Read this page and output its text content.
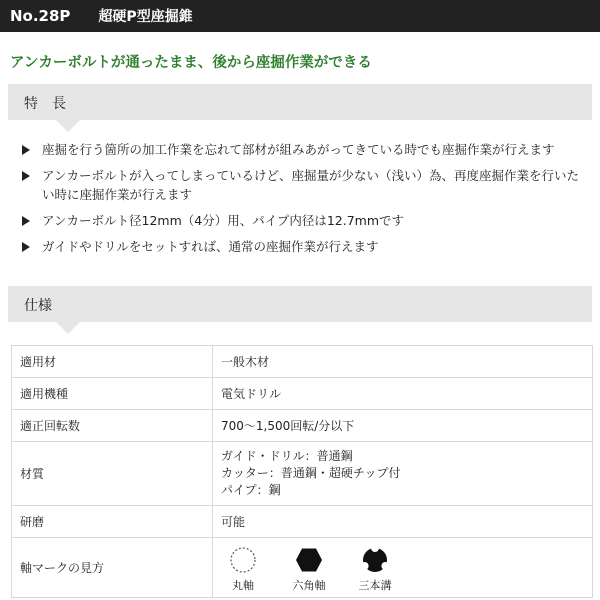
No.28P 超硬P型座掘錐
アンカーボルトが通ったまま、後から座掘作業ができる
特　長
座掘を行う箇所の加工作業を忘れて部材が組みあがってきている時でも座掘作業が行えます
アンカーボルトが入ってしまっているけど、座掘量が少ない（浅い）為、再度座掘作業を行いたい時に座掘作業が行えます
アンカーボルト径12mm（4分）用、パイプ内径は12.7mmです
ガイドやドリルをセットすれば、通常の座掘作業が行えます
仕様
適用材	一般木材
適用機種	電気ドリル
適正回転数	700～1,500回転/分以下
材質	ガイド・ドリル：普通鋼
カッター：普通鋼・超硬チップ付
パイプ：鋼

研磨	可能
軸マークの見方	丸軸 六角軸 三本溝
